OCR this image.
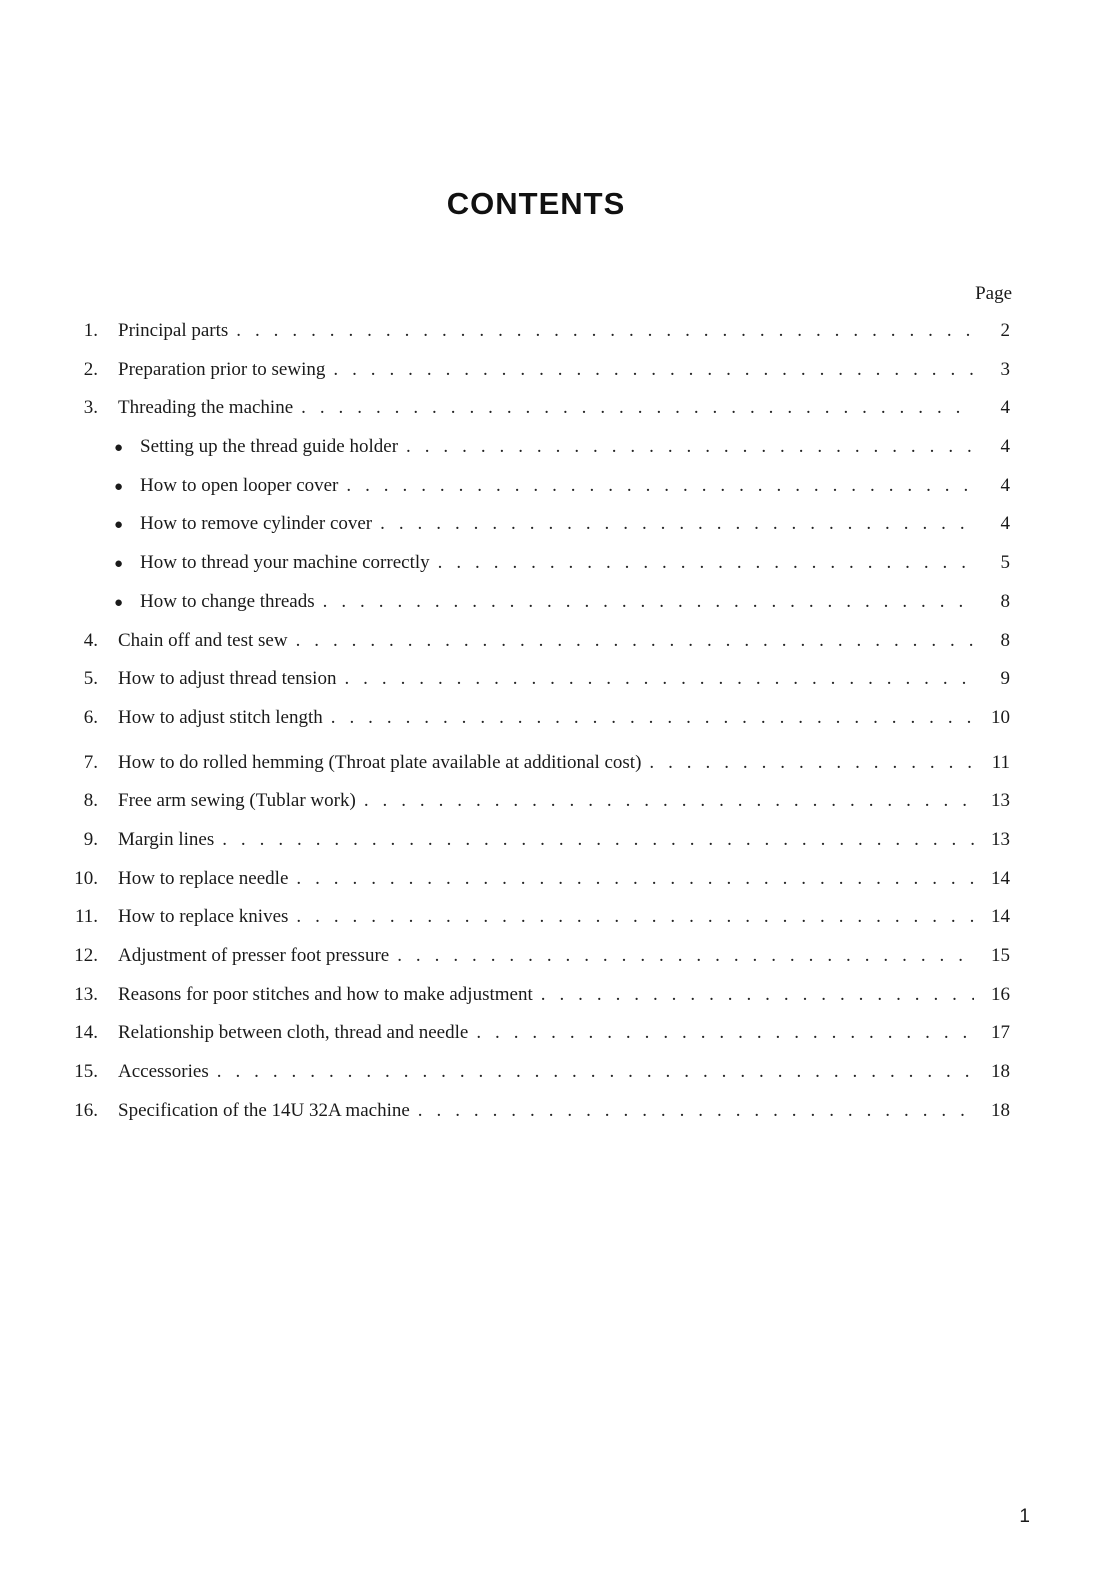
CONTENTS
Page
1. Principal parts . . .	2
2. Preparation prior to sewing . . .	3
3. Threading the machine . . .	4
● Setting up the thread guide holder . . .	4
● How to open looper cover . . .	4
● How to remove cylinder cover . . .	4
● How to thread your machine correctly . . .	5
● How to change threads . . .	8
4. Chain off and test sew . . .	8
5. How to adjust thread tension . . .	9
6. How to adjust stitch length . . .	10
7. How to do rolled hemming (Throat plate available at additional cost) . . .	11
8. Free arm sewing (Tublar work) . . .	13
9. Margin lines . . .	13
10. How to replace needle . . .	14
11. How to replace knives . . .	14
12. Adjustment of presser foot pressure . . .	15
13. Reasons for poor stitches and how to make adjustment . . .	16
14. Relationship between cloth, thread and needle . . .	17
15. Accessories . . .	18
16. Specification of the 14U 32A machine . . .	18
1
